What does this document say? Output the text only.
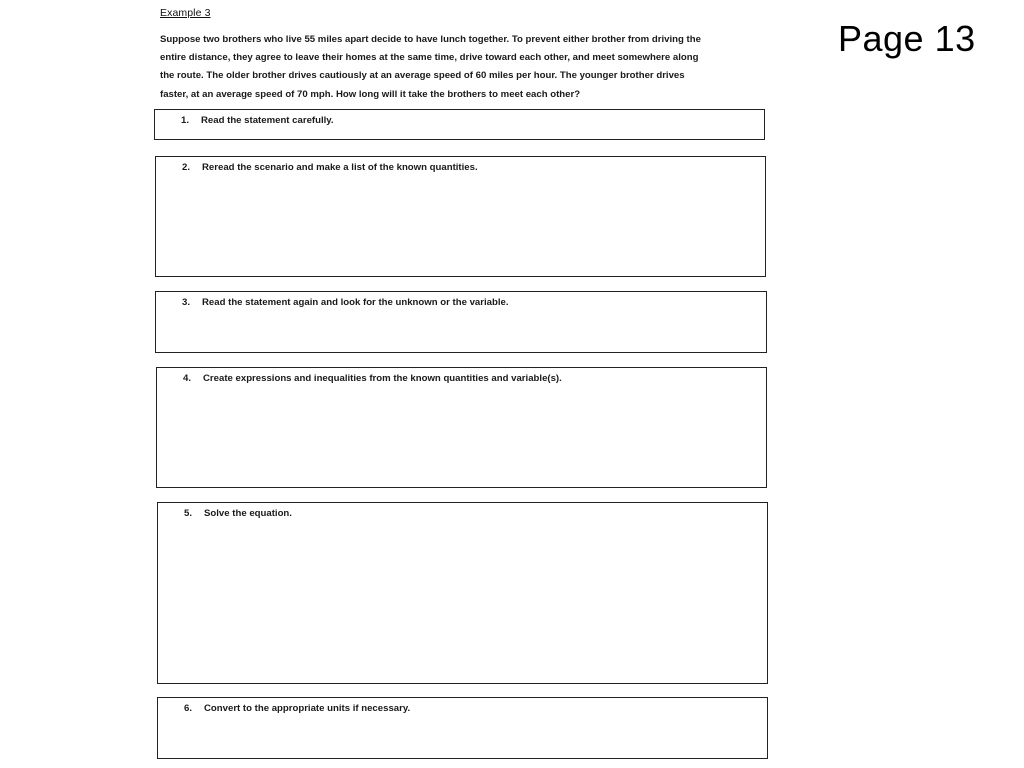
Example 3
Suppose two brothers who live 55 miles apart decide to have lunch together. To prevent either brother from driving the
entire distance, they agree to leave their homes at the same time, drive toward each other, and meet somewhere along
the route. The older brother drives cautiously at an average speed of 60 miles per hour. The younger brother drives
faster, at an average speed of 70 mph. How long will it take the brothers to meet each other?
Page 13
1. Read the statement carefully.
2. Reread the scenario and make a list of the known quantities.
3. Read the statement again and look for the unknown or the variable.
4. Create expressions and inequalities from the known quantities and variable(s).
5. Solve the equation.
6. Convert to the appropriate units if necessary.
